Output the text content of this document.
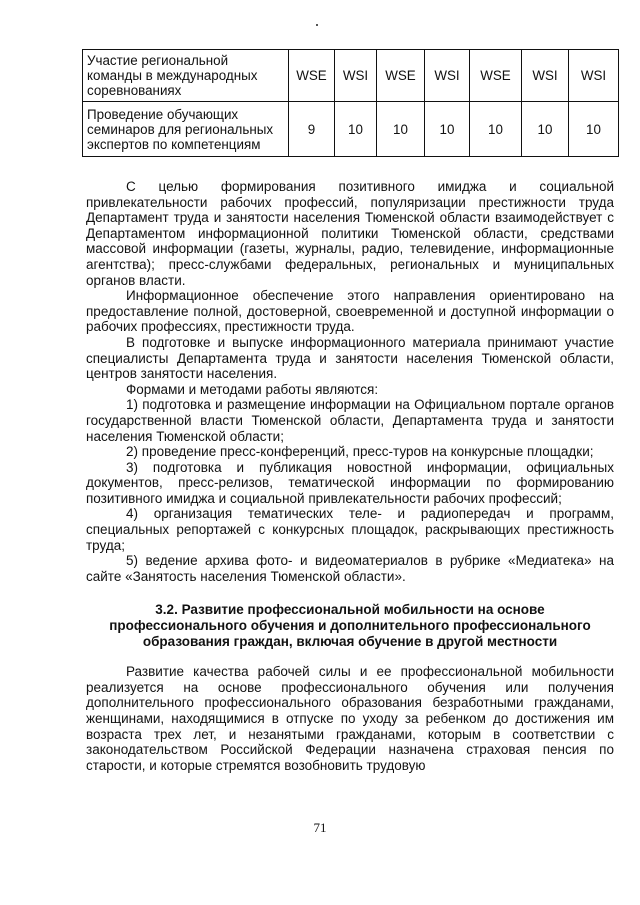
Участие региональной команды в международных соревнованиях	WSE	WSI	WSE	WSI	WSE	WSI	WSI
Проведение обучающих семинаров для региональных экспертов по компетенциям	9	10	10	10	10	10	10

С целью формирования позитивного имиджа и социальной привлекательности рабочих профессий, популяризации престижности труда Департамент труда и занятости населения Тюменской области взаимодействует с Департаментом информационной политики Тюменской области, средствами массовой информации (газеты, журналы, радио, телевидение, информационные агентства); пресс-службами федеральных, региональных и муниципальных органов власти.

Информационное обеспечение этого направления ориентировано на предоставление полной, достоверной, своевременной и доступной информации о рабочих профессиях, престижности труда.

В подготовке и выпуске информационного материала принимают участие специалисты Департамента труда и занятости населения Тюменской области, центров занятости населения.

Формами и методами работы являются:

1) подготовка и размещение информации на Официальном портале органов государственной власти Тюменской области, Департамента труда и занятости населения Тюменской области;

2) проведение пресс-конференций, пресс-туров на конкурсные площадки;

3) подготовка и публикация новостной информации, официальных документов, пресс-релизов, тематической информации по формированию позитивного имиджа и социальной привлекательности рабочих профессий;

4) организация тематических теле- и радиопередач и программ, специальных репортажей с конкурсных площадок, раскрывающих престижность труда;

5) ведение архива фото- и видеоматериалов в рубрике «Медиатека» на сайте «Занятость населения Тюменской области».

3.2. Развитие профессиональной мобильности на основе профессионального обучения и дополнительного профессионального образования граждан, включая обучение в другой местности

Развитие качества рабочей силы и ее профессиональной мобильности реализуется на основе профессионального обучения или получения дополнительного профессионального образования безработными гражданами, женщинами, находящимися в отпуске по уходу за ребенком до достижения им возраста трех лет, и незанятыми гражданами, которым в соответствии с законодательством Российской Федерации назначена страховая пенсия по старости, и которые стремятся возобновить трудовую

71
